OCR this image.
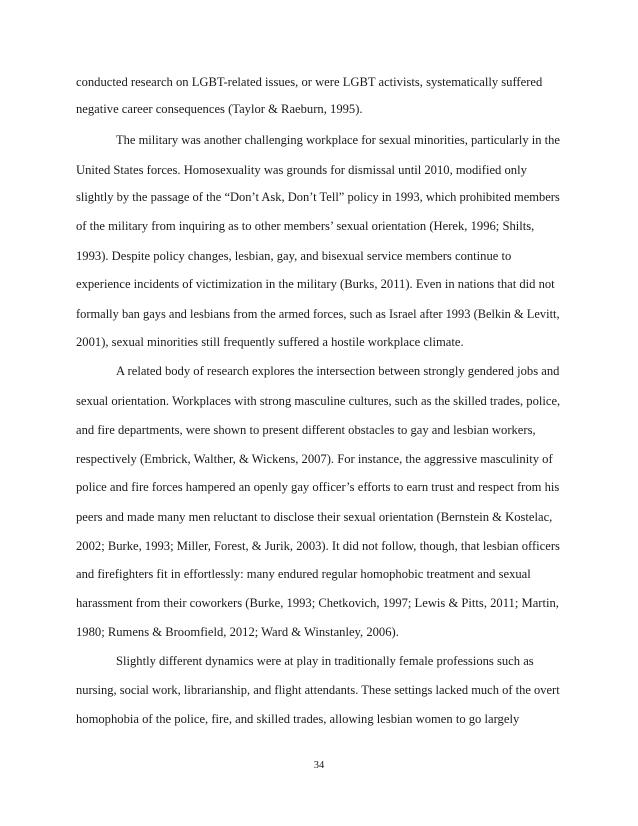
conducted research on LGBT-related issues, or were LGBT activists, systematically suffered
negative career consequences (Taylor & Raeburn, 1995).
The military was another challenging workplace for sexual minorities, particularly in the
United States forces. Homosexuality was grounds for dismissal until 2010, modified only
slightly by the passage of the “Don’t Ask, Don’t Tell” policy in 1993, which prohibited members
of the military from inquiring as to other members’ sexual orientation (Herek, 1996; Shilts,
1993). Despite policy changes, lesbian, gay, and bisexual service members continue to
experience incidents of victimization in the military (Burks, 2011). Even in nations that did not
formally ban gays and lesbians from the armed forces, such as Israel after 1993 (Belkin & Levitt,
2001), sexual minorities still frequently suffered a hostile workplace climate.
A related body of research explores the intersection between strongly gendered jobs and
sexual orientation. Workplaces with strong masculine cultures, such as the skilled trades, police,
and fire departments, were shown to present different obstacles to gay and lesbian workers,
respectively (Embrick, Walther, & Wickens, 2007). For instance, the aggressive masculinity of
police and fire forces hampered an openly gay officer’s efforts to earn trust and respect from his
peers and made many men reluctant to disclose their sexual orientation (Bernstein & Kostelac,
2002; Burke, 1993; Miller, Forest, & Jurik, 2003). It did not follow, though, that lesbian officers
and firefighters fit in effortlessly: many endured regular homophobic treatment and sexual
harassment from their coworkers (Burke, 1993; Chetkovich, 1997; Lewis & Pitts, 2011; Martin,
1980; Rumens & Broomfield, 2012; Ward & Winstanley, 2006).
Slightly different dynamics were at play in traditionally female professions such as
nursing, social work, librarianship, and flight attendants. These settings lacked much of the overt
homophobia of the police, fire, and skilled trades, allowing lesbian women to go largely
34
